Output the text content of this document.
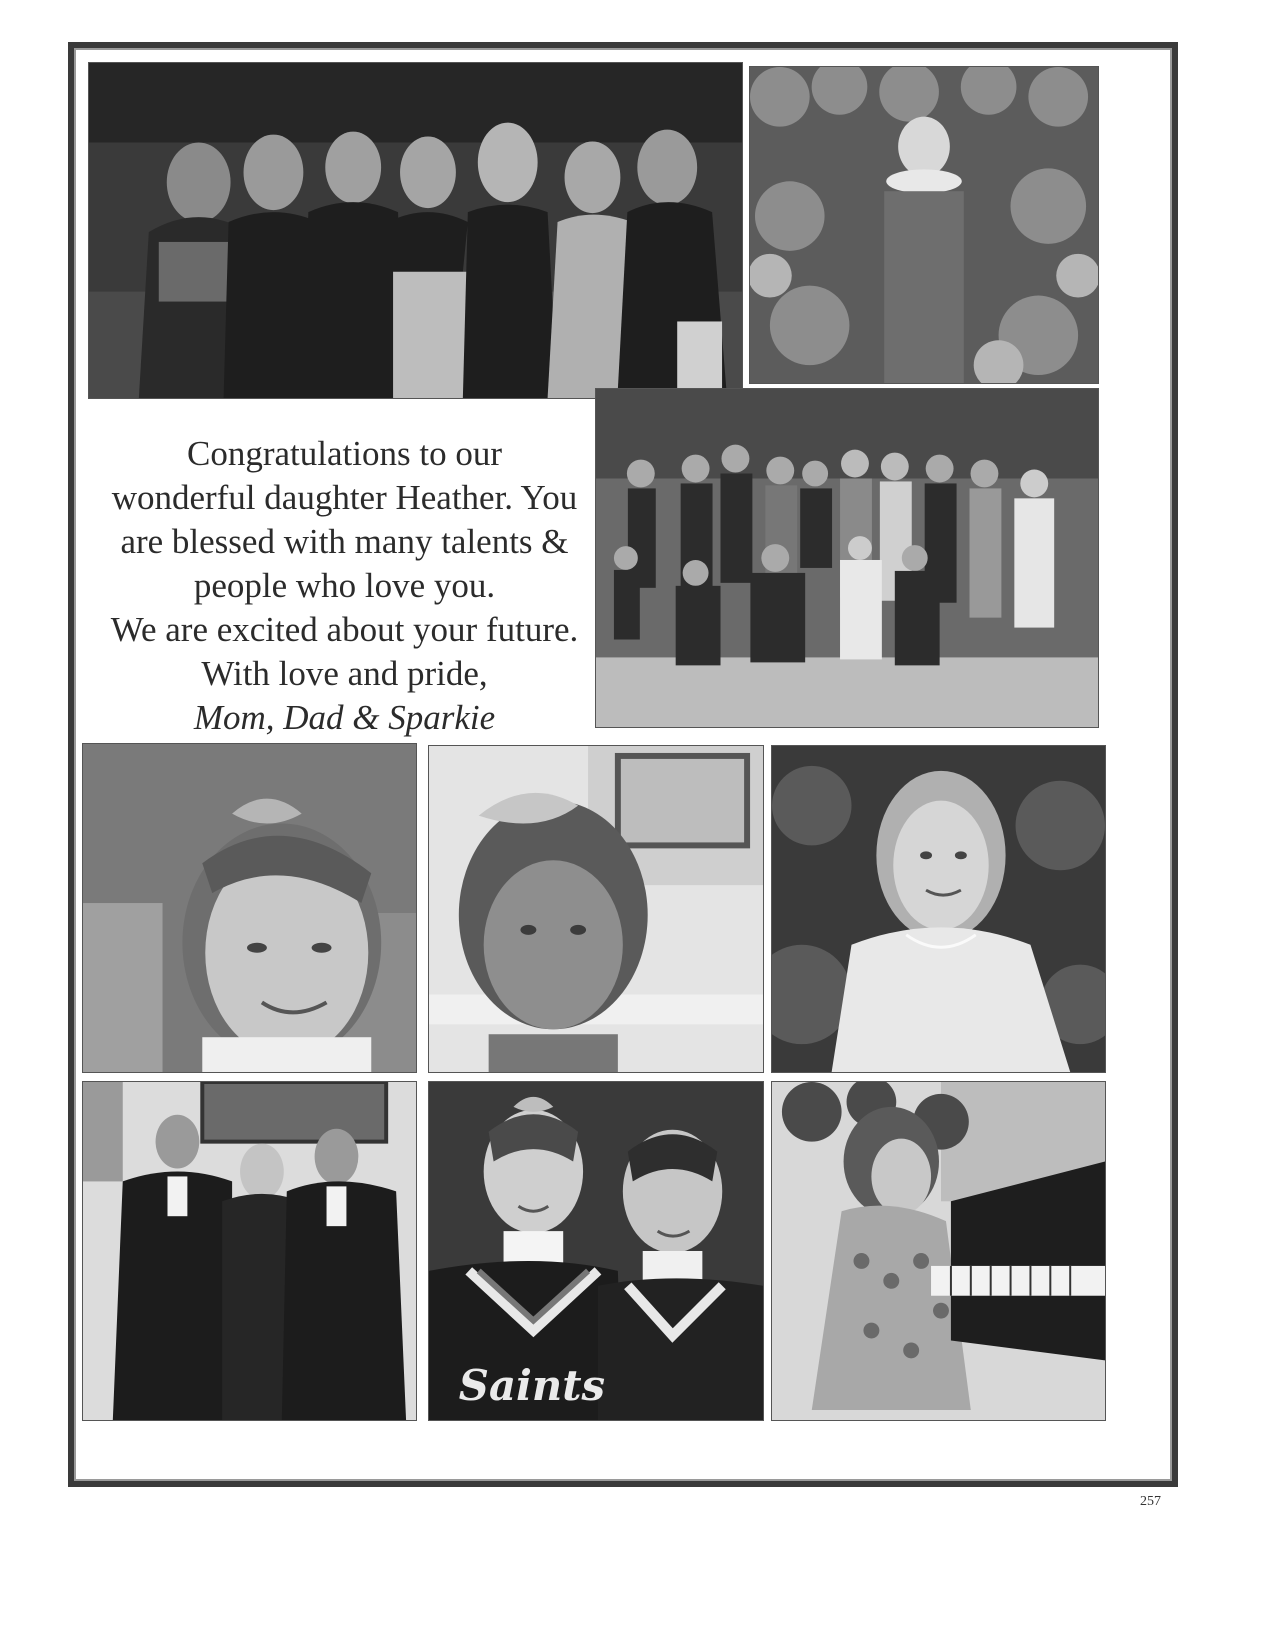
Congratulations to our

wonderful daughter Heather. You

are blessed with many talents &

people who love you.

We are excited about your future.

With love and pride,

Mom, Dad & Sparkie

Saints
257
